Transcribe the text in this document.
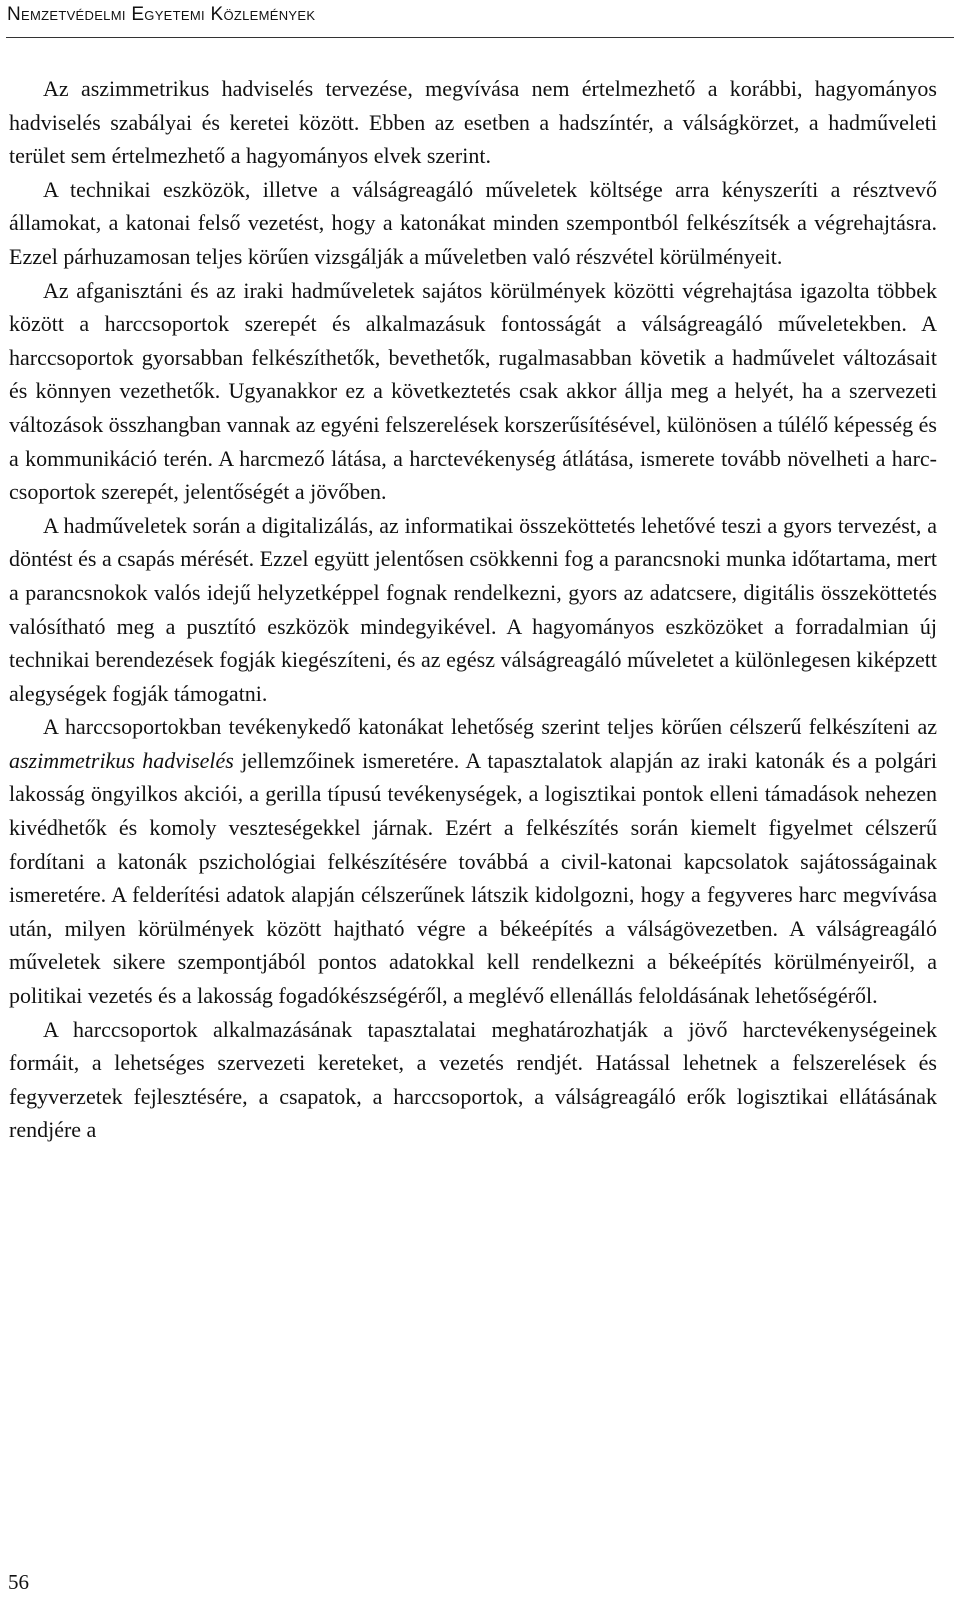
Nemzetvédelmi Egyetemi Közlemények

Az aszimmetrikus hadviselés tervezése, megvívása nem értelmezhető a korábbi, hagyományos hadviselés szabályai és keretei között. Ebben az esetben a hadszíntér, a válságkörzet, a hadműveleti terület sem értelmezhető a hagyományos elvek szerint.

A technikai eszközök, illetve a válságreagáló műveletek költsége arra kényszeríti a résztvevő államokat, a katonai felső vezetést, hogy a katonákat minden szempontból felkészítsék a végrehajtásra. Ezzel párhuzamosan teljes körűen vizsgálják a műveletben való részvétel körülményeit.

Az afganisztáni és az iraki hadműveletek sajátos körülmények közötti végrehajtása igazolta többek között a harccsoportok szerepét és alkalmazásuk fontosságát a válságreagáló műveletekben. A harccsoportok gyorsabban felkészíthetők, bevethetők, rugalmasabban követik a hadművelet változásait és könnyen vezethetők. Ugyanakkor ez a következtetés csak akkor állja meg a helyét, ha a szervezeti változások összhangban vannak az egyéni felszerelések korszerűsítésével, különösen a túlélő képesség és a kommunikáció terén. A harcmező látása, a harctevékenység átlátása, ismerete tovább növelheti a harccsoportok szerepét, jelentőségét a jövőben.

A hadműveletek során a digitalizálás, az informatikai összeköttetés lehetővé teszi a gyors tervezést, a döntést és a csapás mérését. Ezzel együtt jelentősen csökkenni fog a parancsnoki munka időtartama, mert a parancsnokok valós idejű helyzetképpel fognak rendelkezni, gyors az adatcsere, digitális összeköttetés valósítható meg a pusztító eszközök mindegyikével. A hagyományos eszközöket a forradalmian új technikai berendezések fogják kiegészíteni, és az egész válságreagáló műveletet a különlegesen kiképzett alegységek fogják támogatni.

A harccsoportokban tevékenykedő katonákat lehetőség szerint teljes körűen célszerű felkészíteni az aszimmetrikus hadviselés jellemzőinek ismeretére. A tapasztalatok alapján az iraki katonák és a polgári lakosság öngyilkos akciói, a gerilla típusú tevékenységek, a logisztikai pontok elleni támadások nehezen kivédhetők és komoly veszteségekkel járnak. Ezért a felkészítés során kiemelt figyelmet célszerű fordítani a katonák pszichológiai felkészítésére továbbá a civil-katonai kapcsolatok sajátosságainak ismeretére. A felderítési adatok alapján célszerűnek látszik kidolgozni, hogy a fegyveres harc megvívása után, milyen körülmények között hajtható végre a békeépítés a válságövezetben. A válságreagáló műveletek sikere szempontjából pontos adatokkal kell rendelkezni a békeépítés körülményeiről, a politikai vezetés és a lakosság fogadókészségéről, a meglévő ellenállás feloldásának lehetőségéről.

A harccsoportok alkalmazásának tapasztalatai meghatározhatják a jövő harctevékenységeinek formáit, a lehetséges szervezeti kereteket, a vezetés rendjét. Hatással lehetnek a felszerelések és fegyverzetek fejlesztésére, a csapatok, a harccsoportok, a válságreagáló erők logisztikai ellátásának rendjére a

56
